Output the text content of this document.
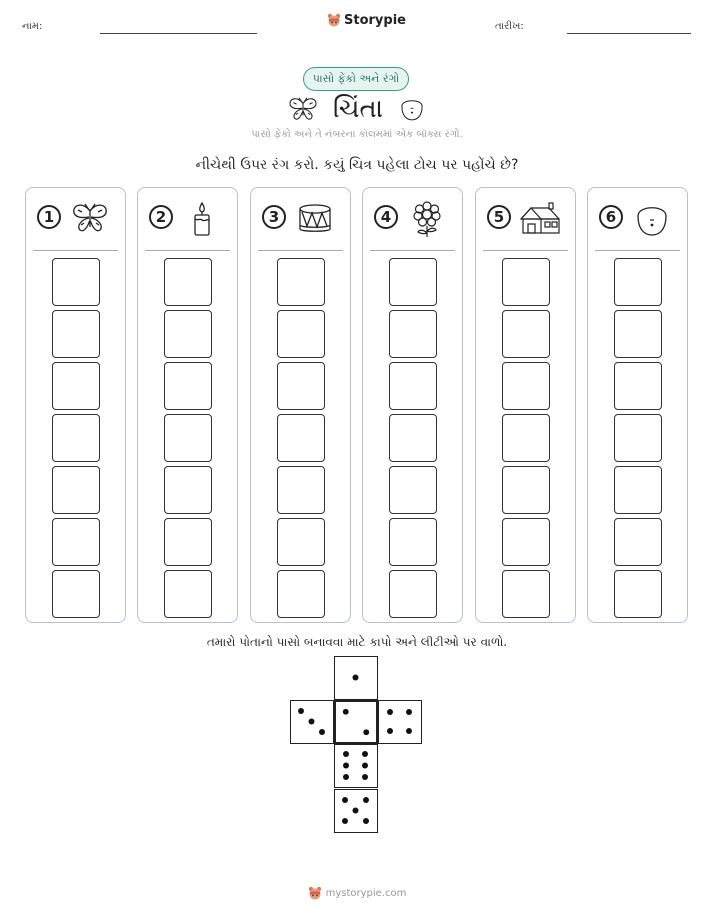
નામ:	Storypie	તારીખ:
પાસો ફેંકો અને રંગો
ચિંતા
પાસો ફેંકો અને તે નંબરના કૉલમમાં એક બૉક્સ રંગો.
નીચેથી ઉપર રંગ કરો. કયું ચિત્ર પહેલા ટોચ પર પહોંચે છે?
1	2	3	4	5	6
તમારો પોતાનો પાસો બનાવવા માટે કાપો અને લીટીઓ પર વાળો.
mystorypie.com
